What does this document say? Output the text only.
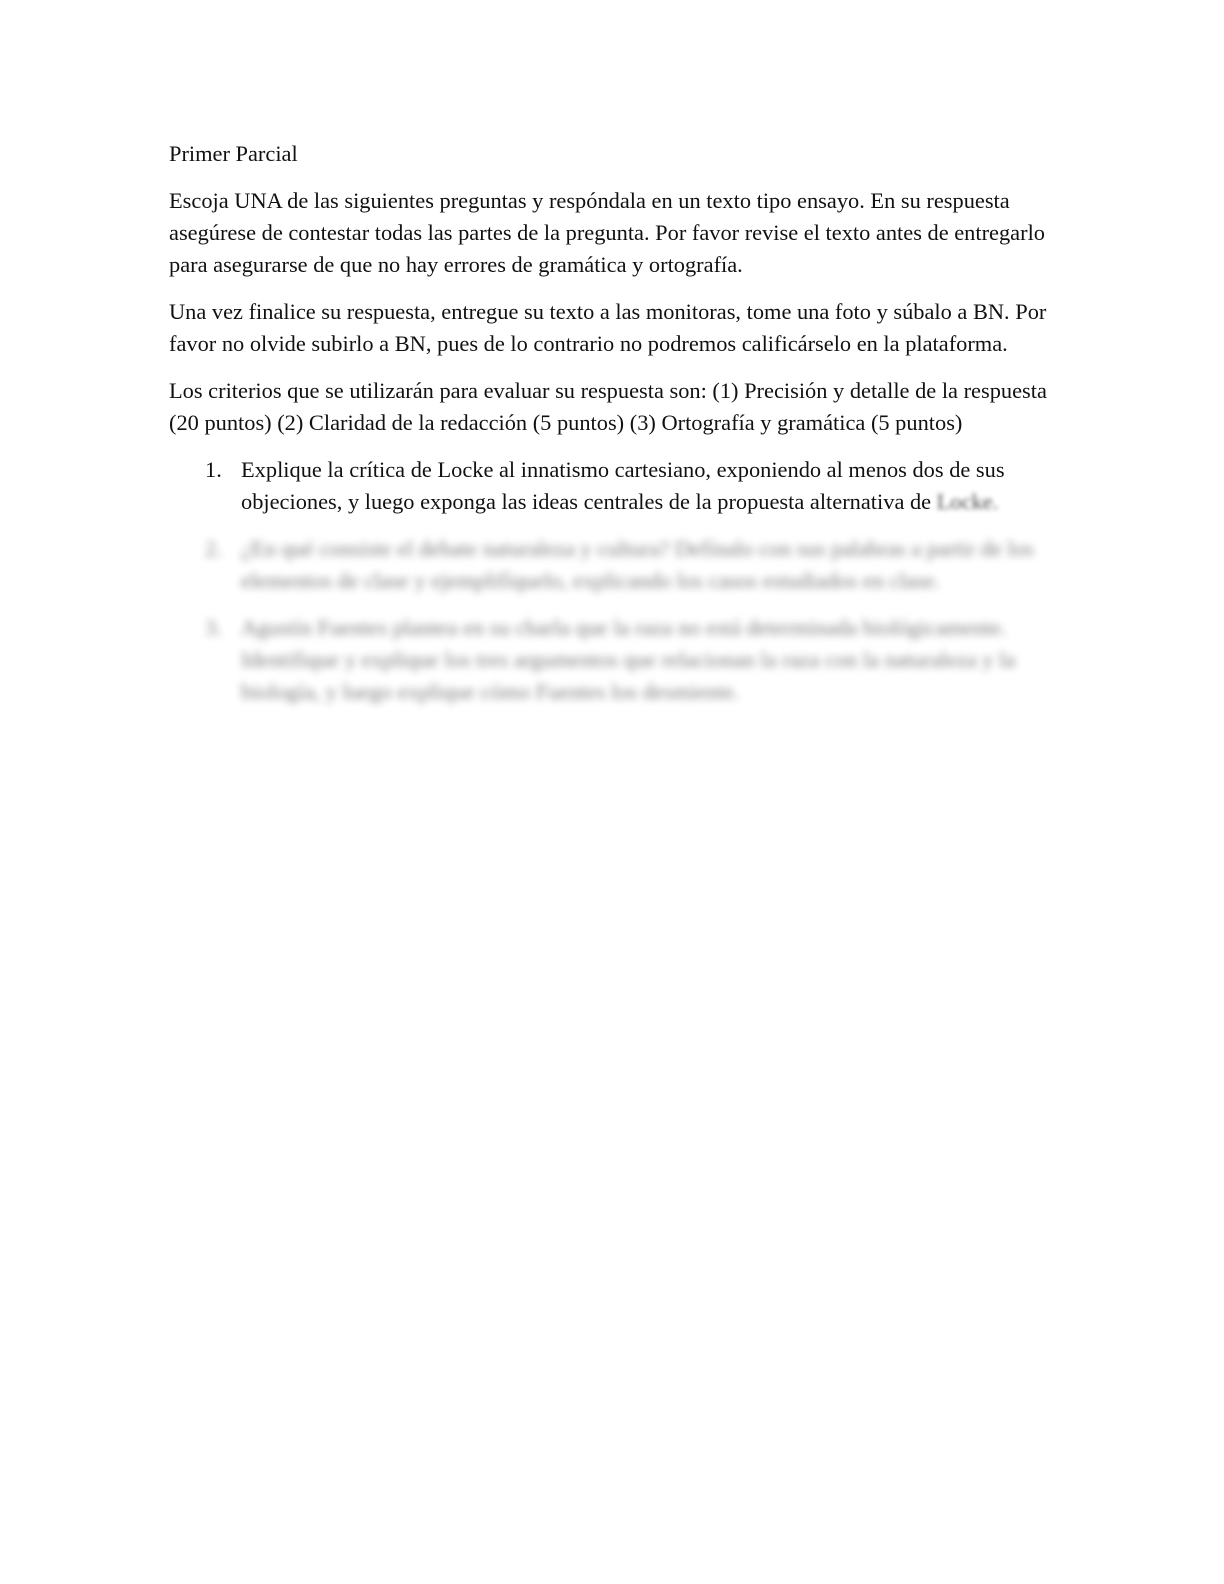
Primer Parcial

Escoja UNA de las siguientes preguntas y respóndala en un texto tipo ensayo. En su respuesta asegúrese de contestar todas las partes de la pregunta. Por favor revise el texto antes de entregarlo para asegurarse de que no hay errores de gramática y ortografía.

Una vez finalice su respuesta, entregue su texto a las monitoras, tome una foto y súbalo a BN. Por favor no olvide subirlo a BN, pues de lo contrario no podremos calificárselo en la plataforma.

Los criterios que se utilizarán para evaluar su respuesta son: (1) Precisión y detalle de la respuesta (20 puntos) (2) Claridad de la redacción (5 puntos) (3) Ortografía y gramática (5 puntos)

1. Explique la crítica de Locke al innatismo cartesiano, exponiendo al menos dos de sus objeciones, y luego exponga las ideas centrales de la propuesta alternativa de Locke.
2. ¿En qué consiste el debate naturaleza y cultura? Defínalo con sus palabras a partir de los elementos de clase y ejemplifíquelo, explicando los casos estudiados en clase.
3. Agustín Fuentes plantea en su charla que la raza no está determinada biológicamente. Identifique y explique los tres argumentos que relacionan la raza con la naturaleza y la biología, y luego explique cómo Fuentes los desmiente.
